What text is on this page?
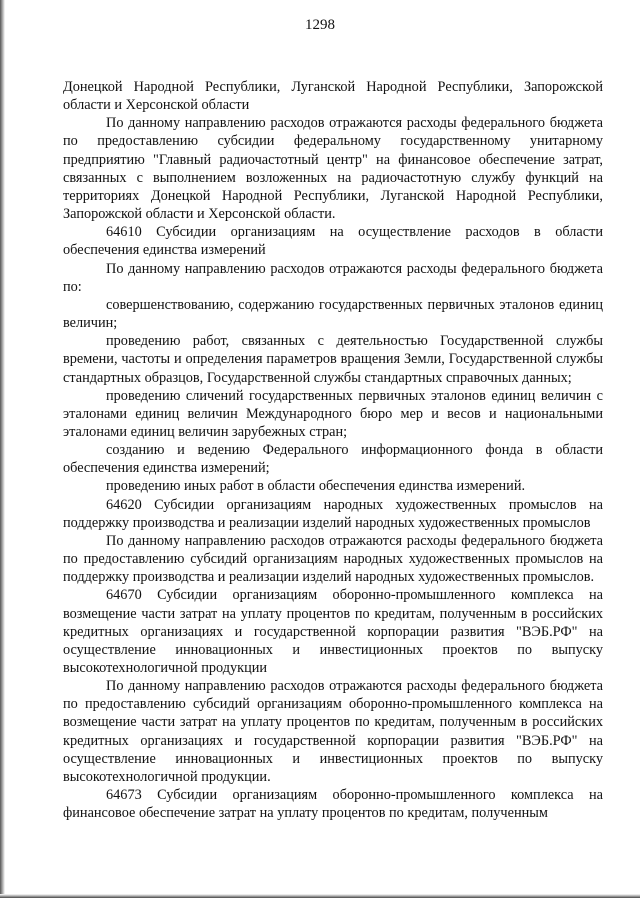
1298

Донецкой Народной Республики, Луганской Народной Республики, Запорожской области и Херсонской области

По данному направлению расходов отражаются расходы федерального бюджета по предоставлению субсидии федеральному государственному унитарному предприятию "Главный радиочастотный центр" на финансовое обеспечение затрат, связанных с выполнением возложенных на радиочастотную службу функций на территориях Донецкой Народной Республики, Луганской Народной Республики, Запорожской области и Херсонской области.

64610 Субсидии организациям на осуществление расходов в области обеспечения единства измерений

По данному направлению расходов отражаются расходы федерального бюджета по:

совершенствованию, содержанию государственных первичных эталонов единиц величин;

проведению работ, связанных с деятельностью Государственной службы времени, частоты и определения параметров вращения Земли, Государственной службы стандартных образцов, Государственной службы стандартных справочных данных;

проведению сличений государственных первичных эталонов единиц величин с эталонами единиц величин Международного бюро мер и весов и национальными эталонами единиц величин зарубежных стран;

созданию и ведению Федерального информационного фонда в области обеспечения единства измерений;

проведению иных работ в области обеспечения единства измерений.

64620 Субсидии организациям народных художественных промыслов на поддержку производства и реализации изделий народных художественных промыслов

По данному направлению расходов отражаются расходы федерального бюджета по предоставлению субсидий организациям народных художественных промыслов на поддержку производства и реализации изделий народных художественных промыслов.

64670 Субсидии организациям оборонно-промышленного комплекса на возмещение части затрат на уплату процентов по кредитам, полученным в российских кредитных организациях и государственной корпорации развития "ВЭБ.РФ" на осуществление инновационных и инвестиционных проектов по выпуску высокотехнологичной продукции

По данному направлению расходов отражаются расходы федерального бюджета по предоставлению субсидий организациям оборонно-промышленного комплекса на возмещение части затрат на уплату процентов по кредитам, полученным в российских кредитных организациях и государственной корпорации развития "ВЭБ.РФ" на осуществление инновационных и инвестиционных проектов по выпуску высокотехнологичной продукции.

64673 Субсидии организациям оборонно-промышленного комплекса на финансовое обеспечение затрат на уплату процентов по кредитам, полученным
